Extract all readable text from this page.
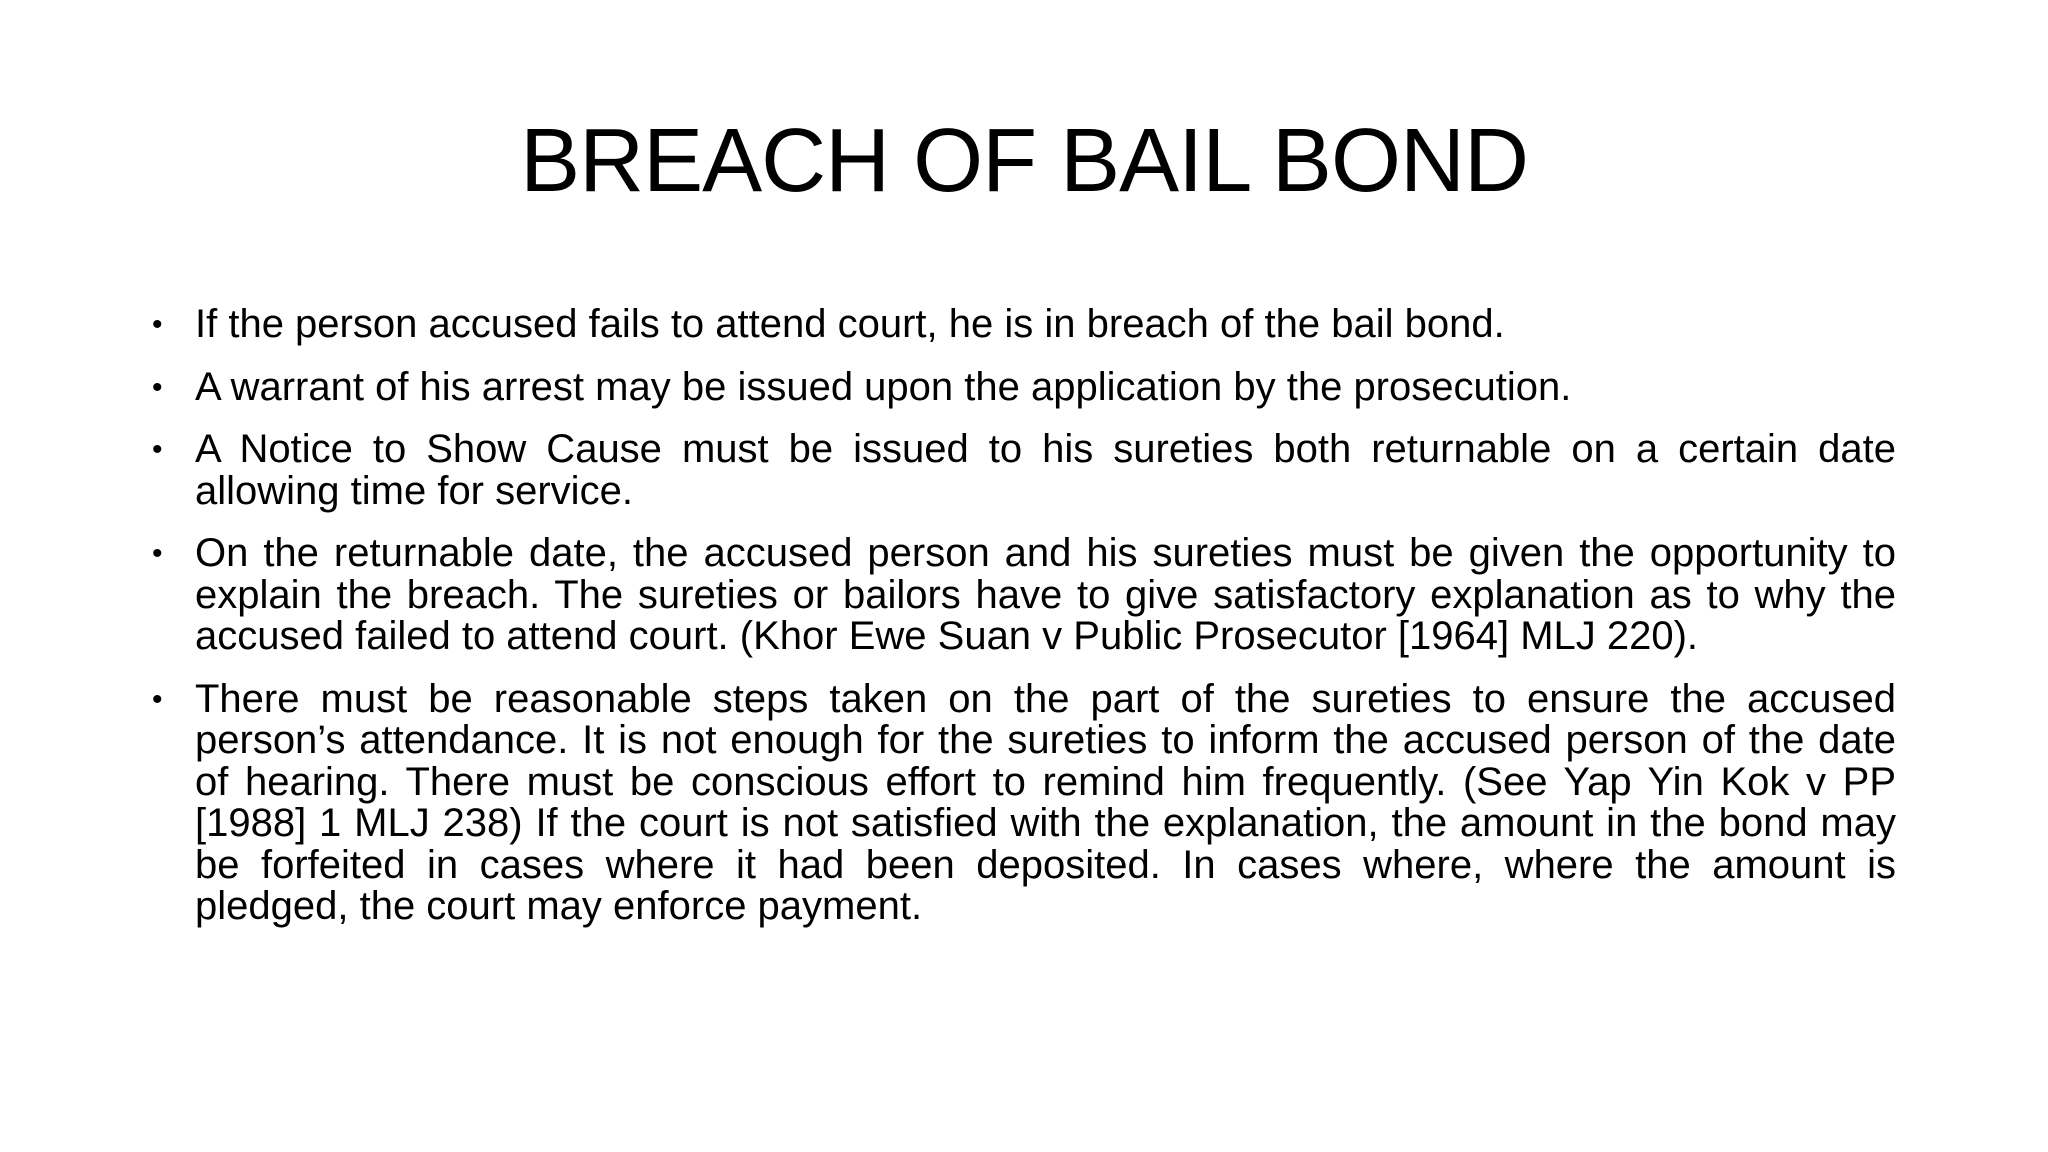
BREACH OF BAIL BOND
• If the person accused fails to attend court, he is in breach of the bail bond.
• A warrant of his arrest may be issued upon the application by the prosecution.
• A Notice to Show Cause must be issued to his sureties both returnable on a certain date allowing time for service.
• On the returnable date, the accused person and his sureties must be given the opportunity to explain the breach. The sureties or bailors have to give satisfactory explanation as to why the accused failed to attend court. (Khor Ewe Suan v Public Prosecutor [1964] MLJ 220).
• There must be reasonable steps taken on the part of the sureties to ensure the accused person’s attendance. It is not enough for the sureties to inform the accused person of the date of hearing. There must be conscious effort to remind him frequently. (See Yap Yin Kok v PP [1988] 1 MLJ 238) If the court is not satisfied with the explanation, the amount in the bond may be forfeited in cases where it had been deposited. In cases where, where the amount is pledged, the court may enforce payment.
